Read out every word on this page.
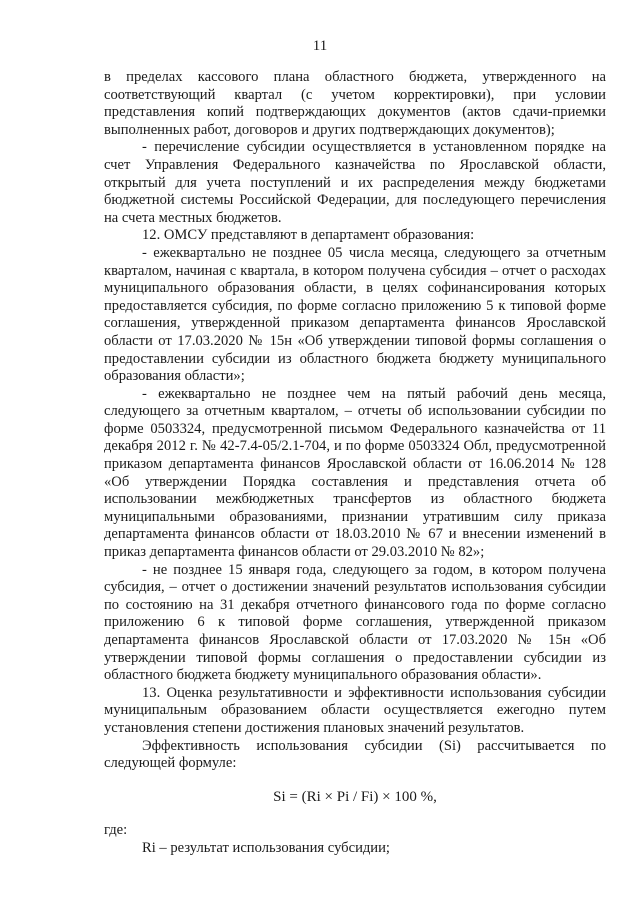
11

в пределах кассового плана областного бюджета, утвержденного на соответствующий квартал (с учетом корректировки), при условии представления копий подтверждающих документов (актов сдачи-приемки выполненных работ, договоров и других подтверждающих документов);

- перечисление субсидии осуществляется в установленном порядке на счет Управления Федерального казначейства по Ярославской области, открытый для учета поступлений и их распределения между бюджетами бюджетной системы Российской Федерации, для последующего перечисления на счета местных бюджетов.

12. ОМСУ представляют в департамент образования:

- ежеквартально не позднее 05 числа месяца, следующего за отчетным кварталом, начиная с квартала, в котором получена субсидия – отчет о расходах муниципального образования области, в целях софинансирования которых предоставляется субсидия, по форме согласно приложению 5 к типовой форме соглашения, утвержденной приказом департамента финансов Ярославской области от 17.03.2020 № 15н «Об утверждении типовой формы соглашения о предоставлении субсидии из областного бюджета бюджету муниципального образования области»;

- ежеквартально не позднее чем на пятый рабочий день месяца, следующего за отчетным кварталом, – отчеты об использовании субсидии по форме 0503324, предусмотренной письмом Федерального казначейства от 11 декабря 2012 г. № 42-7.4-05/2.1-704, и по форме 0503324 Обл, предусмотренной приказом департамента финансов Ярославской области от 16.06.2014 № 128 «Об утверждении Порядка составления и представления отчета об использовании межбюджетных трансфертов из областного бюджета муниципальными образованиями, признании утратившим силу приказа департамента финансов области от 18.03.2010 № 67 и внесении изменений в приказ департамента финансов области от 29.03.2010 № 82»;

- не позднее 15 января года, следующего за годом, в котором получена субсидия, – отчет о достижении значений результатов использования субсидии по состоянию на 31 декабря отчетного финансового года по форме согласно приложению 6 к типовой форме соглашения, утвержденной приказом департамента финансов Ярославской области от 17.03.2020 № 15н «Об утверждении типовой формы соглашения о предоставлении субсидии из областного бюджета бюджету муниципального образования области».

13. Оценка результативности и эффективности использования субсидии муниципальным образованием области осуществляется ежегодно путем установления степени достижения плановых значений результатов.

Эффективность использования субсидии (Si) рассчитывается по следующей формуле:

Si = (Ri × Pi / Fi) × 100 %,

где:

Ri – результат использования субсидии;
